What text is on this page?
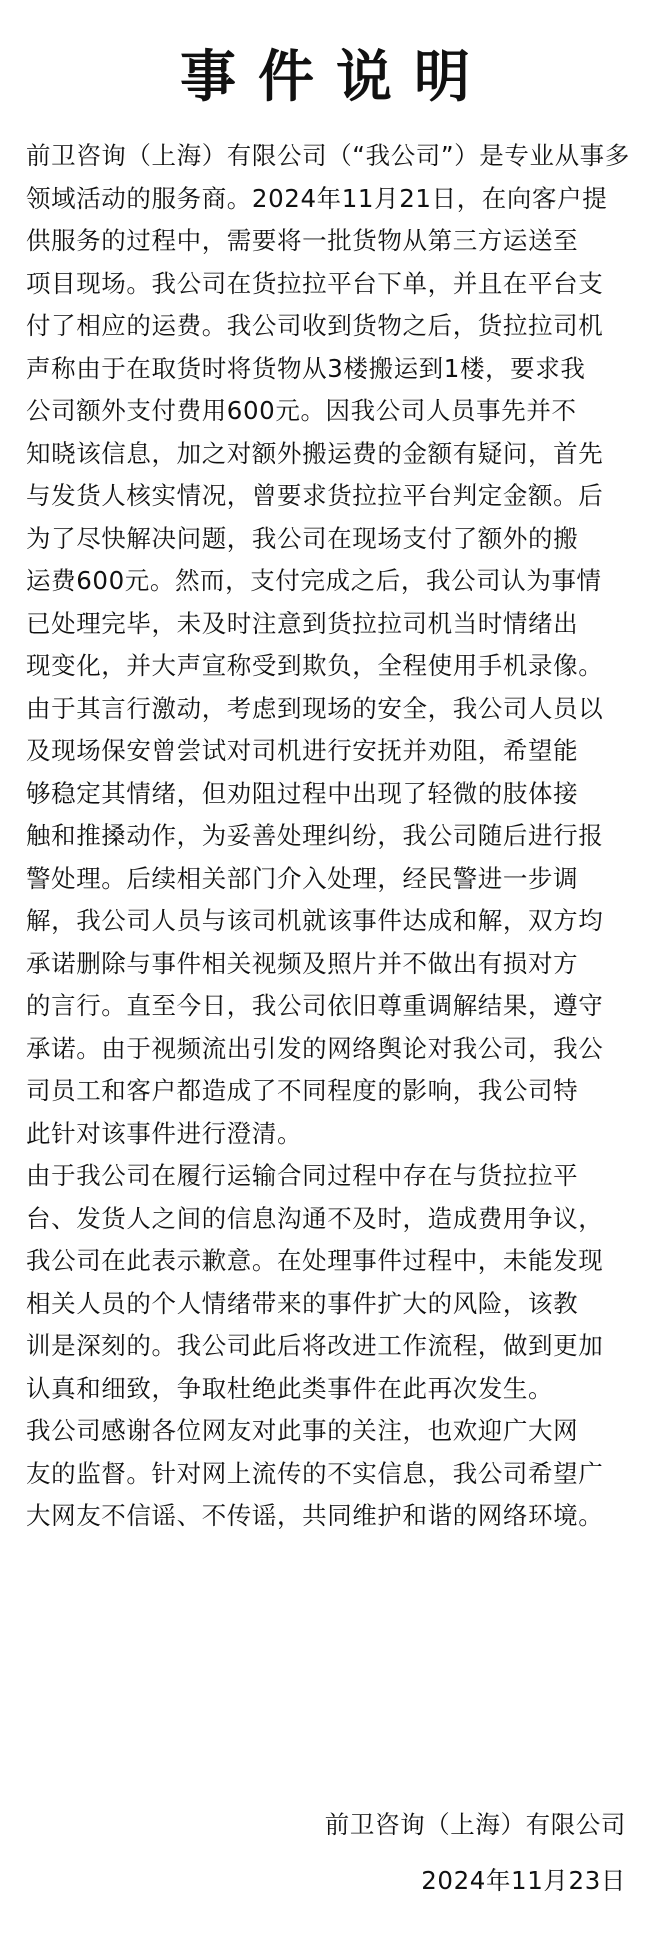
事件说明

前卫咨询（上海）有限公司（“我公司”）是专业从事多
领域活动的服务商。2024年11月21日，在向客户提
供服务的过程中，需要将一批货物从第三方运送至
项目现场。我公司在货拉拉平台下单，并且在平台支
付了相应的运费。我公司收到货物之后，货拉拉司机
声称由于在取货时将货物从3楼搬运到1楼，要求我
公司额外支付费用600元。因我公司人员事先并不
知晓该信息，加之对额外搬运费的金额有疑问，首先
与发货人核实情况，曾要求货拉拉平台判定金额。后
为了尽快解决问题，我公司在现场支付了额外的搬
运费600元。然而，支付完成之后，我公司认为事情
已处理完毕，未及时注意到货拉拉司机当时情绪出
现变化，并大声宣称受到欺负，全程使用手机录像。
由于其言行激动，考虑到现场的安全，我公司人员以
及现场保安曾尝试对司机进行安抚并劝阻，希望能
够稳定其情绪，但劝阻过程中出现了轻微的肢体接
触和推搡动作，为妥善处理纠纷，我公司随后进行报
警处理。后续相关部门介入处理，经民警进一步调
解，我公司人员与该司机就该事件达成和解，双方均
承诺删除与事件相关视频及照片并不做出有损对方
的言行。直至今日，我公司依旧尊重调解结果，遵守
承诺。由于视频流出引发的网络舆论对我公司，我公
司员工和客户都造成了不同程度的影响，我公司特
此针对该事件进行澄清。

由于我公司在履行运输合同过程中存在与货拉拉平
台、发货人之间的信息沟通不及时，造成费用争议，
我公司在此表示歉意。在处理事件过程中，未能发现
相关人员的个人情绪带来的事件扩大的风险，该教
训是深刻的。我公司此后将改进工作流程，做到更加
认真和细致，争取杜绝此类事件在此再次发生。

我公司感谢各位网友对此事的关注，也欢迎广大网
友的监督。针对网上流传的不实信息，我公司希望广
大网友不信谣、不传谣，共同维护和谐的网络环境。

前卫咨询（上海）有限公司
2024年11月23日
